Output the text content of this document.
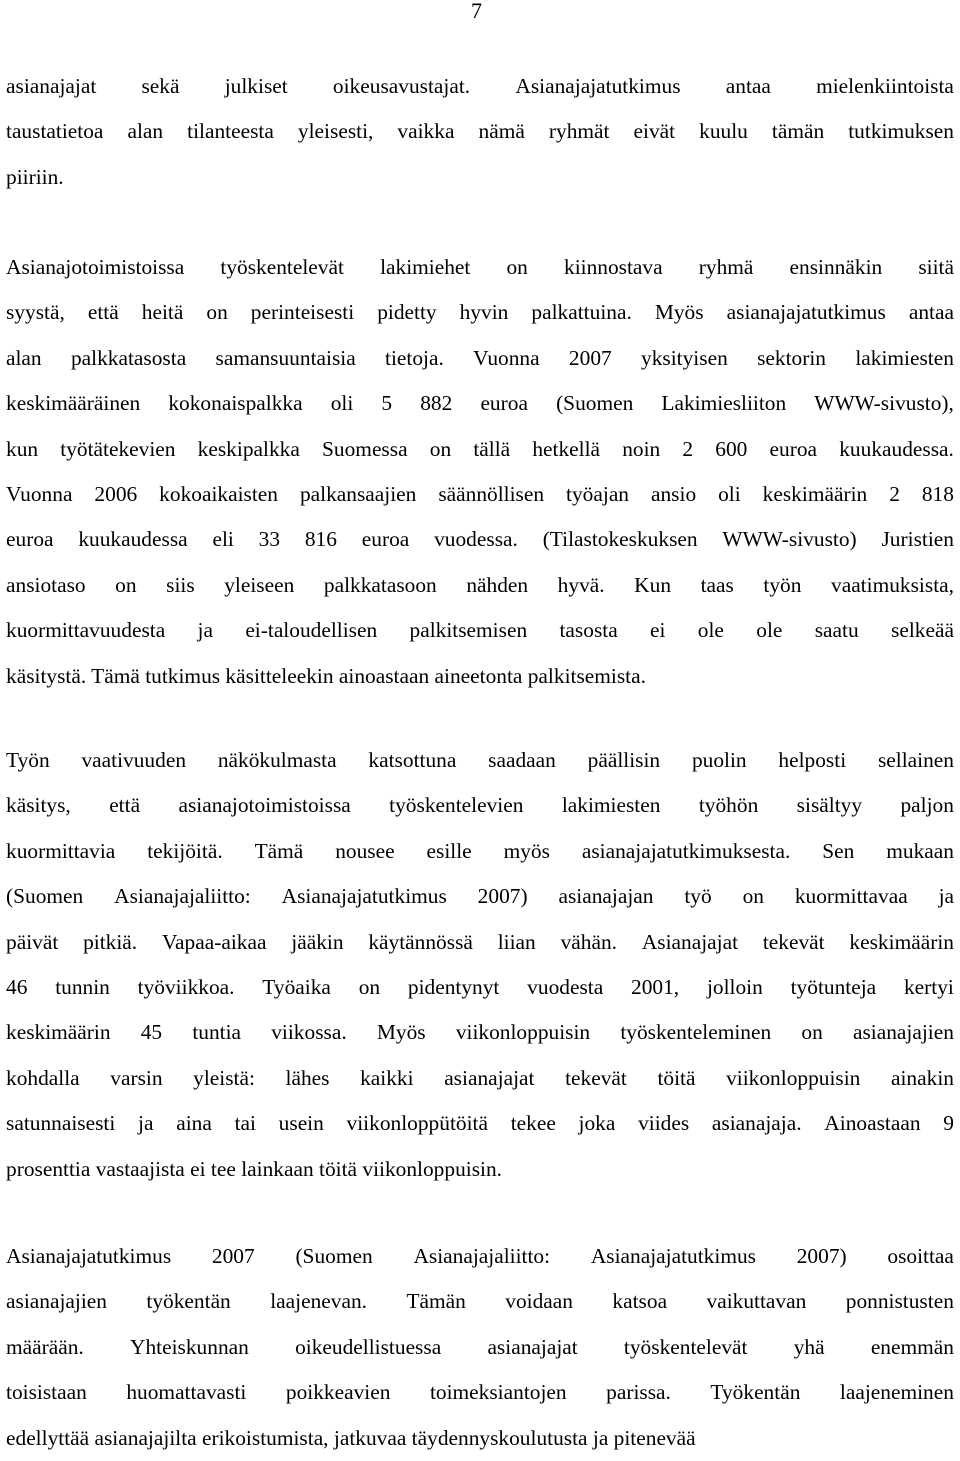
7
asianajajat sekä julkiset oikeusavustajat. Asianajajatutkimus antaa mielenkiintoista
taustatietoa alan tilanteesta yleisesti, vaikka nämä ryhmät eivät kuulu tämän tutkimuksen
piiriin.
Asianajotoimistoissa työskentelevät lakimiehet on kiinnostava ryhmä ensinnäkin siitä
syystä, että heitä on perinteisesti pidetty hyvin palkattuina. Myös asianajajatutkimus antaa
alan palkkatasosta samansuuntaisia tietoja. Vuonna 2007 yksityisen sektorin lakimiesten
keskimääräinen kokonaispalkka oli 5 882 euroa (Suomen Lakimiesliiton WWW-sivusto),
kun työtätekevien keskipalkka Suomessa on tällä hetkellä noin 2 600 euroa kuukaudessa.
Vuonna 2006 kokoaikaisten palkansaajien säännöllisen työajan ansio oli keskimäärin 2 818
euroa kuukaudessa eli 33 816 euroa vuodessa. (Tilastokeskuksen WWW-sivusto) Juristien
ansiotaso on siis yleiseen palkkatasoon nähden hyvä. Kun taas työn vaatimuksista,
kuormittavuudesta ja ei-taloudellisen palkitsemisen tasosta ei ole ole saatu selkeää
käsitystä. Tämä tutkimus käsitteleekin ainoastaan aineetonta palkitsemista.
Työn vaativuuden näkökulmasta katsottuna saadaan päällisin puolin helposti sellainen
käsitys, että asianajotoimistoissa työskentelevien lakimiesten työhön sisältyy paljon
kuormittavia tekijöitä. Tämä nousee esille myös asianajajatutkimuksesta. Sen mukaan
(Suomen Asianajajaliitto: Asianajajatutkimus 2007) asianajajan työ on kuormittavaa ja
päivät pitkiä. Vapaa-aikaa jääkin käytännössä liian vähän. Asianajajat tekevät keskimäärin
46 tunnin työviikkoa. Työaika on pidentynyt vuodesta 2001, jolloin työtunteja kertyi
keskimäärin 45 tuntia viikossa. Myös viikonloppuisin työskenteleminen on asianajajien
kohdalla varsin yleistä: lähes kaikki asianajajat tekevät töitä viikonloppuisin ainakin
satunnaisesti ja aina tai usein viikonloppütöitä tekee joka viides asianajaja. Ainoastaan 9
prosenttia vastaajista ei tee lainkaan töitä viikonloppuisin.
Asianajajatutkimus 2007 (Suomen Asianajajaliitto: Asianajajatutkimus 2007) osoittaa
asianajajien työkentän laajenevan. Tämän voidaan katsoa vaikuttavan ponnistusten
määrään. Yhteiskunnan oikeudellistuessa asianajajat työskentelevät yhä enemmän
toisistaan huomattavasti poikkeavien toimeksiantojen parissa. Työkentän laajeneminen
edellyttää asianajajilta erikoistumista, jatkuvaa täydennyskoulutusta ja pitenevää
